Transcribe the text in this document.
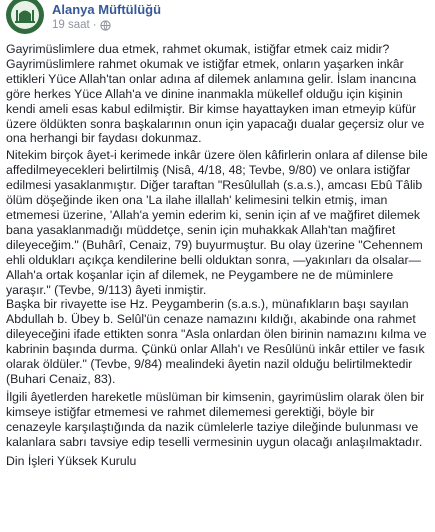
Alanya Müftülüğü
19 saat ·

Gayrimüslimlere dua etmek, rahmet okumak, istiğfar etmek caiz midir?

Gayrimüslimlere rahmet okumak ve istiğfar etmek, onların yaşarken inkâr ettikleri Yüce Allah'tan onlar adına af dilemek anlamına gelir. İslam inancına göre herkes Yüce Allah'a ve dinine inanmakla mükellef olduğu için kişinin kendi ameli esas kabul edilmiştir. Bir kimse hayattayken iman etmeyip küfür üzere öldükten sonra başkalarının onun için yapacağı dualar geçersiz olur ve ona herhangi bir faydası dokunmaz.

Nitekim birçok âyet-i kerimede inkâr üzere ölen kâfirlerin onlara af dilense bile affedilmeyecekleri belirtilmiş (Nisâ, 4/18, 48; Tevbe, 9/80) ve onlara istiğfar edilmesi yasaklanmıştır. Diğer taraftan "Resûlullah (s.a.s.), amcası Ebû Tâlib ölüm döşeğinde iken ona 'La ilahe illallah' kelimesini telkin etmiş, iman etmemesi üzerine, 'Allah'a yemin ederim ki, senin için af ve mağfiret dilemek bana yasaklanmadığı müddetçe, senin için muhakkak Allah'tan mağfiret dileyeceğim." (Buhârî, Cenaiz, 79) buyurmuştur. Bu olay üzerine "Cehennem ehli oldukları açıkça kendilerine belli olduktan sonra, —yakınları da olsalar— Allah'a ortak koşanlar için af dilemek, ne Peygambere ne de müminlere yaraşır." (Tevbe, 9/113) âyeti inmiştir.

Başka bir rivayette ise Hz. Peygamberin (s.a.s.), münafıkların başı sayılan Abdullah b. Übey b. Selûl'ün cenaze namazını kıldığı, akabinde ona rahmet dileyeceğini ifade ettikten sonra "Asla onlardan ölen birinin namazını kılma ve kabrinin başında durma. Çünkü onlar Allah'ı ve Resûlünü inkâr ettiler ve fasık olarak öldüler." (Tevbe, 9/84) mealindeki âyetin nazil olduğu belirtilmektedir (Buhari Cenaiz, 83).

İlgili âyetlerden hareketle müslüman bir kimsenin, gayrimüslim olarak ölen bir kimseye istiğfar etmemesi ve rahmet dilememesi gerektiği, böyle bir cenazeyle karşılaştığında da nazik cümlelerle taziye dileğinde bulunması ve kalanlara sabrı tavsiye edip teselli vermesinin uygun olacağı anlaşılmaktadır.

Din İşleri Yüksek Kurulu
